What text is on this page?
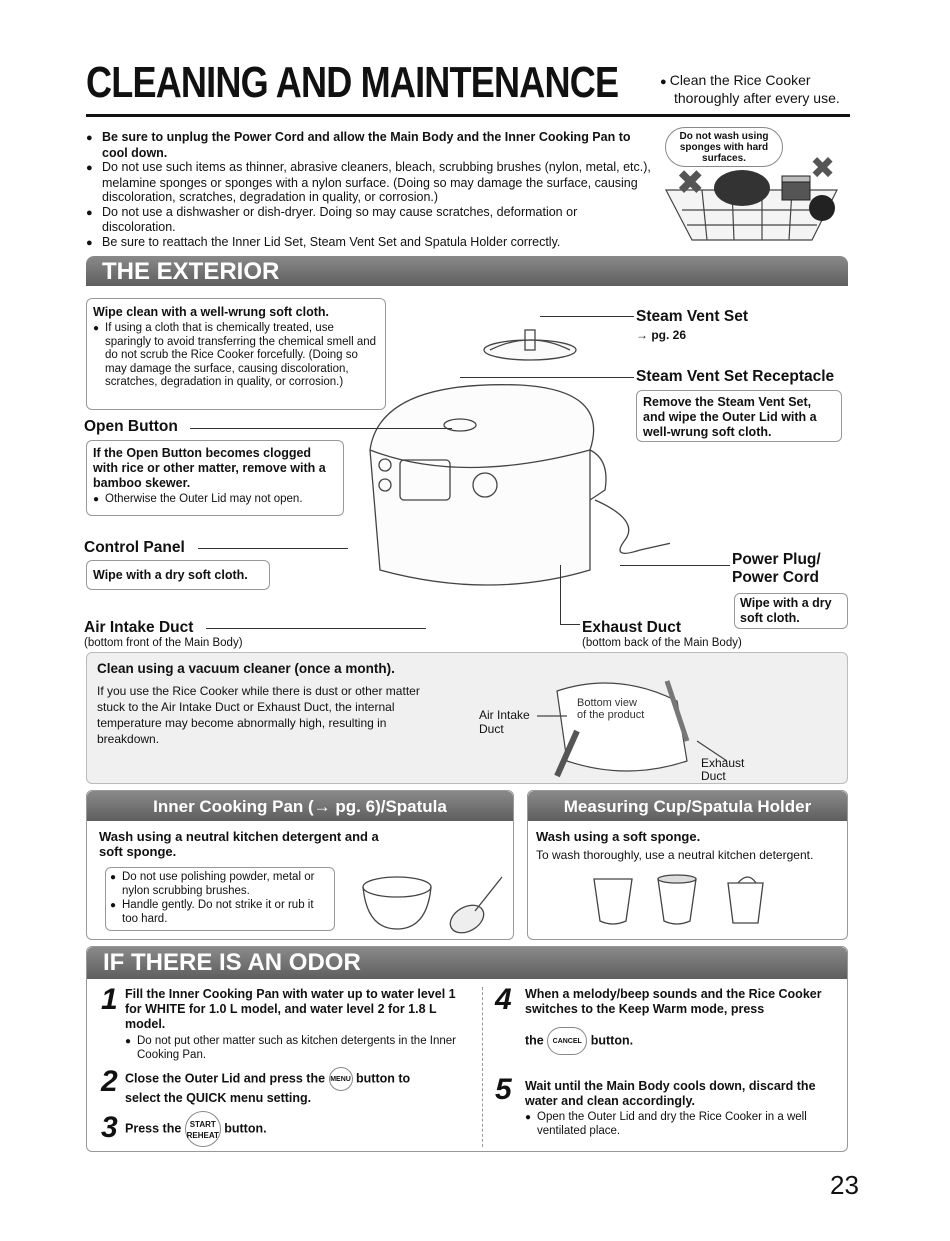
CLEANING AND MAINTENANCE	● Clean the Rice Cooker
thoroughly after every use.
● Be sure to unplug the Power Cord and allow the Main Body and the Inner Cooking Pan to cool down.
● Do not use such items as thinner, abrasive cleaners, bleach, scrubbing brushes (nylon, metal, etc.), melamine sponges or sponges with a nylon surface. (Doing so may damage the surface, causing discoloration, scratches, degradation in quality, or corrosion.)
● Do not use a dishwasher or dish-dryer. Doing so may cause scratches, deformation or discoloration.
● Be sure to reattach the Inner Lid Set, Steam Vent Set and Spatula Holder correctly.
Do not wash using sponges with hard surfaces.
✖	✖
THE EXTERIOR
Wipe clean with a well-wrung soft cloth.
● If using a cloth that is chemically treated, use sparingly to avoid transferring the chemical smell and do not scrub the Rice Cooker forcefully. (Doing so may damage the surface, causing discoloration, scratches, degradation in quality, or corrosion.)
Open Button
If the Open Button becomes clogged with rice or other matter, remove with a bamboo skewer.
● Otherwise the Outer Lid may not open.
Control Panel
Wipe with a dry soft cloth.
Air Intake Duct
(bottom front of the Main Body)
Steam Vent Set
→ pg. 26
Steam Vent Set Receptacle
Remove the Steam Vent Set, and wipe the Outer Lid with a well-wrung soft cloth.
Power Plug/
Power Cord
Wipe with a dry soft cloth.
Exhaust Duct
(bottom back of the Main Body)
Clean using a vacuum cleaner (once a month).
If you use the Rice Cooker while there is dust or other matter stuck to the Air Intake Duct or Exhaust Duct, the internal temperature may become abnormally high, resulting in breakdown.
Air Intake
Duct
Bottom view
of the product
Exhaust
Duct
Inner Cooking Pan (→ pg. 6)/Spatula
Wash using a neutral kitchen detergent and a soft sponge.
● Do not use polishing powder, metal or nylon scrubbing brushes.
● Handle gently. Do not strike it or rub it too hard.
Measuring Cup/Spatula Holder
Wash using a soft sponge.
To wash thoroughly, use a neutral kitchen detergent.
IF THERE IS AN ODOR
1 Fill the Inner Cooking Pan with water up to water level 1 for WHITE for 1.0 L model, and water level 2 for 1.8 L model.
● Do not put other matter such as kitchen detergents in the Inner Cooking Pan.
2 Close the Outer Lid and press the MENU button to
select the QUICK menu setting.
3 Press the START
REHEAT button.
4 When a melody/beep sounds and the Rice Cooker switches to the Keep Warm mode, press
the CANCEL button.
5 Wait until the Main Body cools down, discard the water and clean accordingly.
● Open the Outer Lid and dry the Rice Cooker in a well ventilated place.
23
